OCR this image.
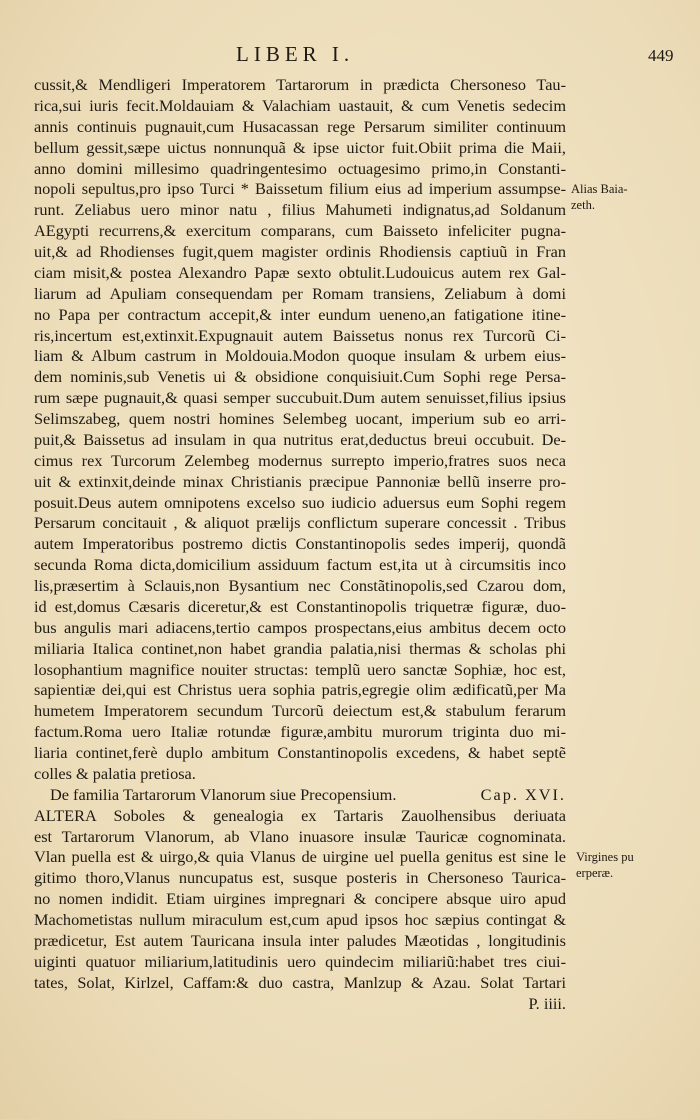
LIBER I.	449
cussit,& Mendligeri Imperatorem Tartarorum in prædicta Chersoneso Tau-
rica,sui iuris fecit.Moldauiam & Valachiam uastauit, & cum Venetis sedecim
annis continuis pugnauit,cum Husacassan rege Persarum similiter continuum
bellum gessit,sæpe uictus nonnunquã & ipse uictor fuit.Obiit prima die Maii,
anno domini millesimo quadringentesimo octuagesimo primo,in Constanti-
nopoli sepultus,pro ipso Turci * Baissetum filium eius ad imperium assumpse-
runt. Zeliabus uero minor natu , filius Mahumeti indignatus,ad Soldanum
AEgypti recurrens,& exercitum comparans, cum Baisseto infeliciter pugna-
uit,& ad Rhodienses fugit,quem magister ordinis Rhodiensis captiuũ in Fran
ciam misit,& postea Alexandro Papæ sexto obtulit.Ludouicus autem rex Gal-
liarum ad Apuliam consequendam per Romam transiens, Zeliabum à domi
no Papa per contractum accepit,& inter eundum ueneno,an fatigatione itine-
ris,incertum est,extinxit.Expugnauit autem Baissetus nonus rex Turcorũ Ci-
liam & Album castrum in Moldouia.Modon quoque insulam & urbem eius-
dem nominis,sub Venetis ui & obsidione conquisiuit.Cum Sophi rege Persa-
rum sæpe pugnauit,& quasi semper succubuit.Dum autem senuisset,filius ipsius
Selimszabeg, quem nostri homines Selembeg uocant, imperium sub eo arri-
puit,& Baissetus ad insulam in qua nutritus erat,deductus breui occubuit. De-
cimus rex Turcorum Zelembeg modernus surrepto imperio,fratres suos neca
uit & extinxit,deinde minax Christianis præcipue Pannoniæ bellũ inserre pro-
posuit.Deus autem omnipotens excelso suo iudicio aduersus eum Sophi regem
Persarum concitauit , & aliquot prælijs conflictum superare concessit . Tribus
autem Imperatoribus postremo dictis Constantinopolis sedes imperij, quondã
secunda Roma dicta,domicilium assiduum factum est,ita ut à circumsitis inco
lis,præsertim à Sclauis,non Bysantium nec Constãtinopolis,sed Czarou dom,
id est,domus Cæsaris diceretur,& est Constantinopolis triquetræ figuræ, duo-
bus angulis mari adiacens,tertio campos prospectans,eius ambitus decem octo
miliaria Italica continet,non habet grandia palatia,nisi thermas & scholas phi
losophantium magnifice nouiter structas: templũ uero sanctæ Sophiæ, hoc est,
sapientiæ dei,qui est Christus uera sophia patris,egregie olim ædificatũ,per Ma
humetem Imperatorem secundum Turcorũ deiectum est,& stabulum ferarum
factum.Roma uero Italiæ rotundæ figuræ,ambitu murorum triginta duo mi-
liaria continet,ferè duplo ambitum Constantinopolis excedens, & habet septẽ
colles & palatia pretiosa.
De familia Tartarorum Vlanorum siue Precopensium.	Cap. XVI.
ALTERA Soboles & genealogia ex Tartaris Zauolhensibus deriuata
est Tartarorum Vlanorum, ab Vlano inuasore insulæ Tauricæ cognominata.
Vlan puella est & uirgo,& quia Vlanus de uirgine uel puella genitus est sine le
gitimo thoro,Vlanus nuncupatus est, susque posteris in Chersoneso Taurica-
no nomen indidit. Etiam uirgines impregnari & concipere absque uiro apud
Machometistas nullum miraculum est,cum apud ipsos hoc sæpius contingat &
prædicetur, Est autem Tauricana insula inter paludes Mæotidas , longitudinis
uiginti quatuor miliarium,latitudinis uero quindecim miliariũ:habet tres ciui-
tates, Solat, Kirlzel, Caffam:& duo castra, Manlzup & Azau. Solat Tartari
P. iiii.
Alias Baia-
zeth.
Virgines pu
erperæ.
